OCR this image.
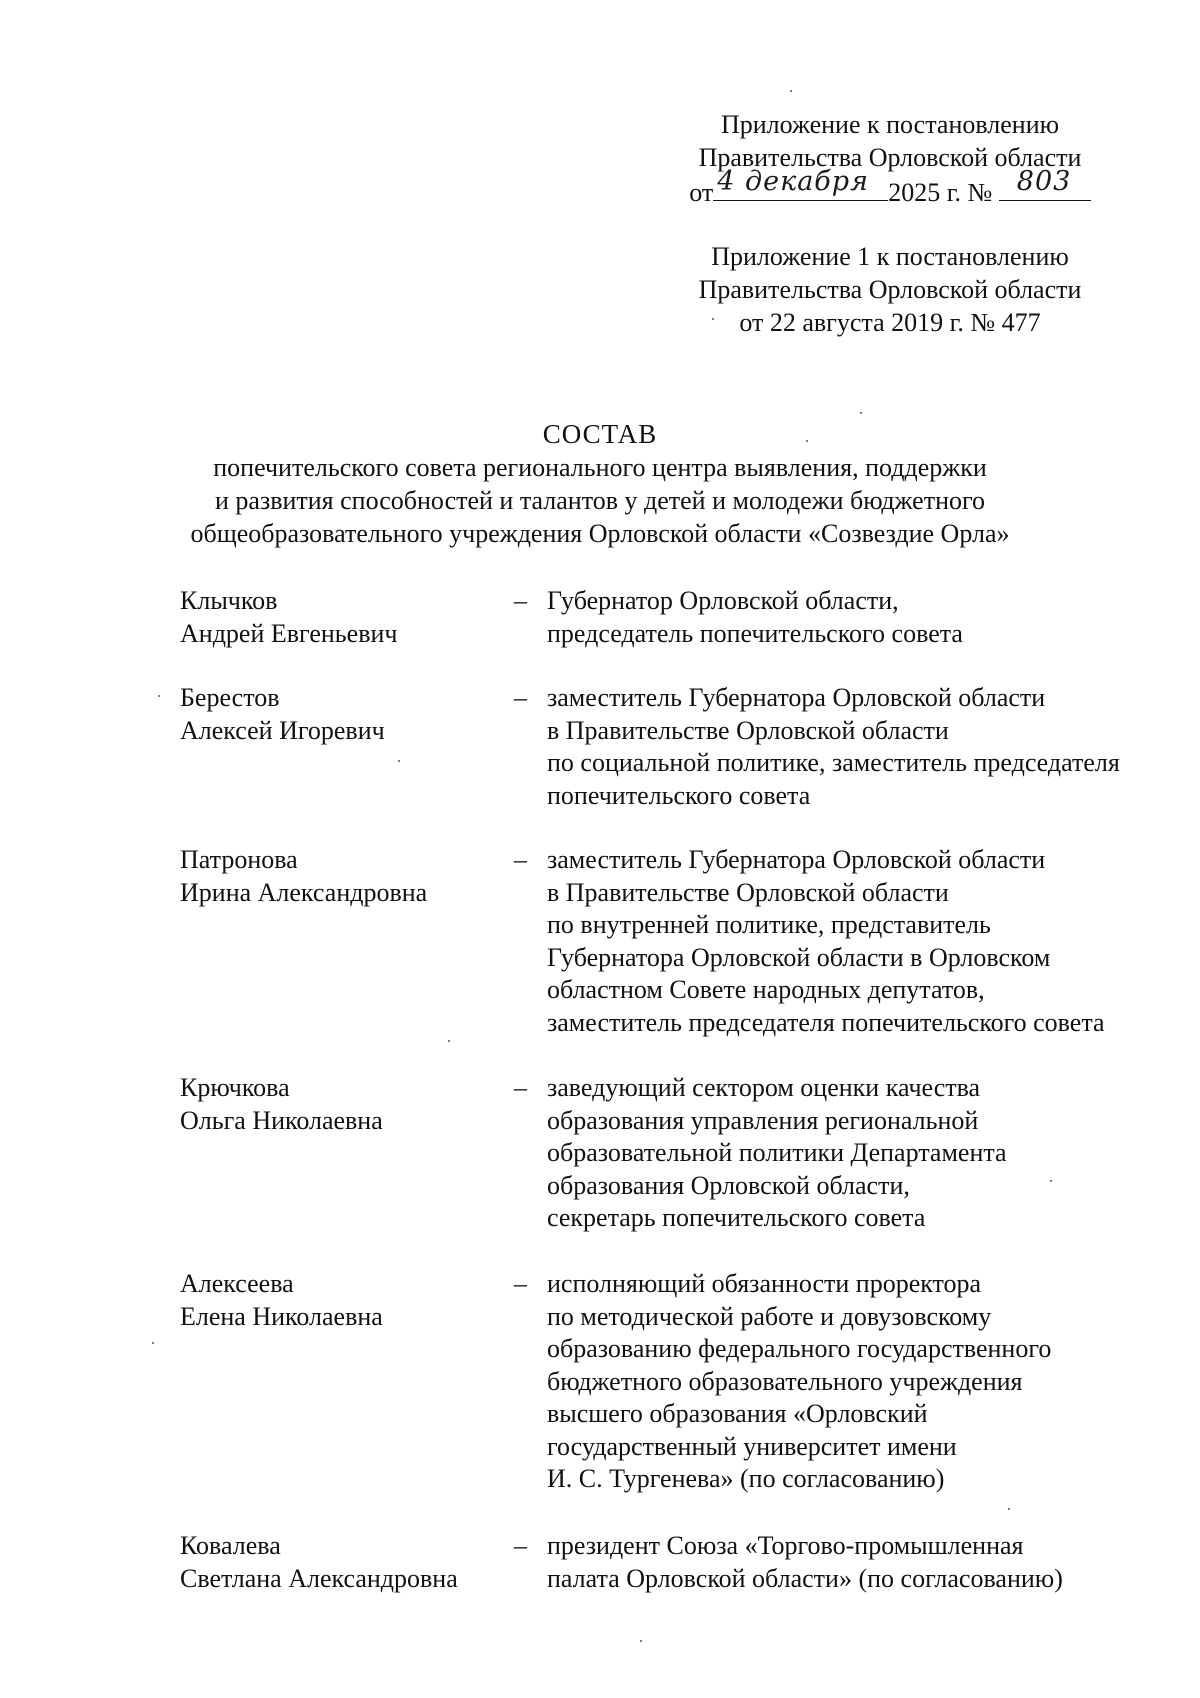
Приложение к постановлению
Правительства Орловской области
от 4 декабря 2025 г. № 803
Приложение 1 к постановлению
Правительства Орловской области
от 22 августа 2019 г. № 477
СОСТАВ
попечительского совета регионального центра выявления, поддержки
и развития способностей и талантов у детей и молодежи бюджетного
общеобразовательного учреждения Орловской области «Созвездие Орла»
Клычков
Андрей Евгеньевич
– Губернатор Орловской области,
председатель попечительского совета
Берестов
Алексей Игоревич
– заместитель Губернатора Орловской области
в Правительстве Орловской области
по социальной политике, заместитель председателя
попечительского совета
Патронова
Ирина Александровна
– заместитель Губернатора Орловской области
в Правительстве Орловской области
по внутренней политике, представитель
Губернатора Орловской области в Орловском
областном Совете народных депутатов,
заместитель председателя попечительского совета
Крючкова
Ольга Николаевна
– заведующий сектором оценки качества
образования управления региональной
образовательной политики Департамента
образования Орловской области,
секретарь попечительского совета
Алексеева
Елена Николаевна
– исполняющий обязанности проректора
по методической работе и довузовскому
образованию федерального государственного
бюджетного образовательного учреждения
высшего образования «Орловский
государственный университет имени
И. С. Тургенева» (по согласованию)
Ковалева
Светлана Александровна
– президент Союза «Торгово-промышленная
палата Орловской области» (по согласованию)
